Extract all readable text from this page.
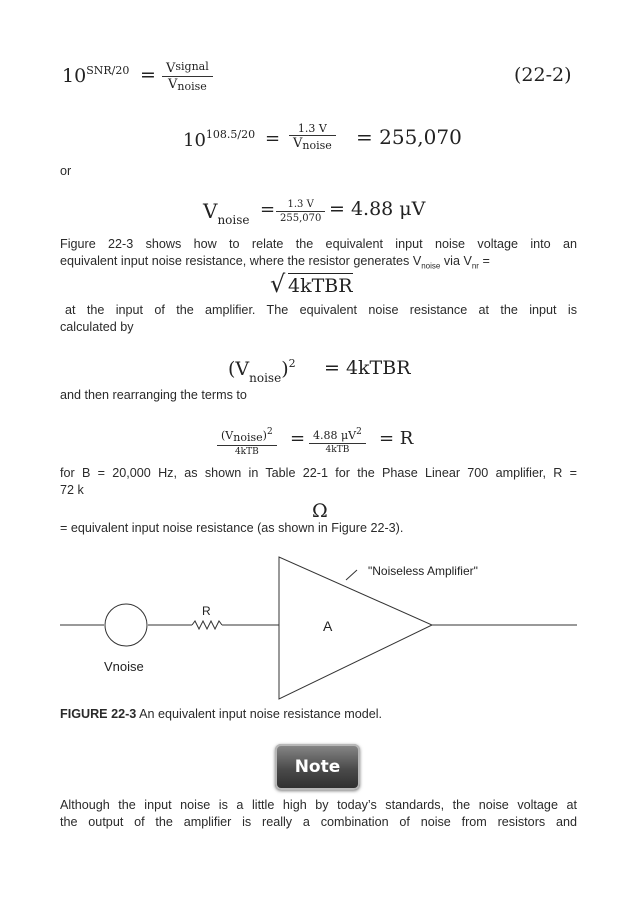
$10^{SNR/20} = V_{signal}$
$V_{noise}$
(22-2)
$10^{108.5/20}$ =	1.3 V
$V_{noise} = 255,070$
or
$V_{noise} = \frac{1.3 V}{255,070} = 4.88$ μV
Figure 22-3 shows how to relate the equivalent input noise voltage into an
equivalent input noise resistance, where the resistor generates $V_{noise}$ via $V_{nr}$ =
√ 4kTBR
at the input of the amplifier. The equivalent noise resistance at the input is
calculated by
$(V_{noise})^2$ = 4kTBR
and then rearranging the terms to
$(V_{noise})^2$
4kTB
= 4.88 $\mu V^2$
4kTB
= R
for B = 20,000 Hz, as shown in Table 22-1 for the Phase Linear 700 amplifier, R =
72 k
Ω
= equivalent input noise resistance (as shown in Figure 22-3).
"Noiseless Amplifier"
R
A
Vnoise
FIGURE 22-3 An equivalent input noise resistance model.
Note
Although the input noise is a little high by today’s standards, the noise voltage at
the output of the amplifier is really a combination of noise from resistors and
